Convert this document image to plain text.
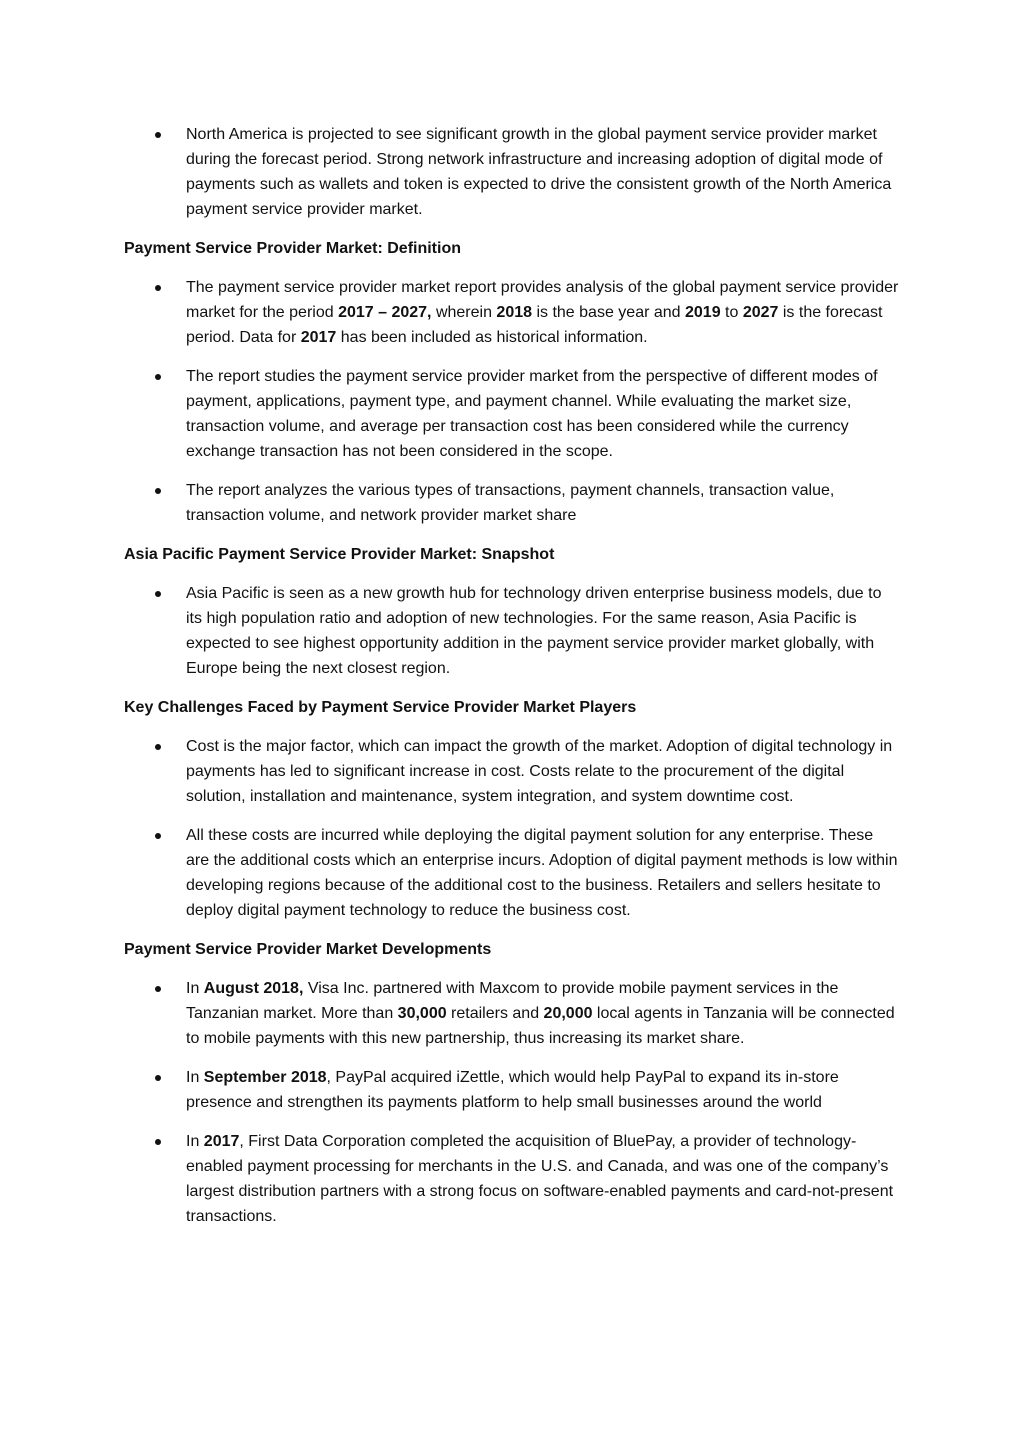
North America is projected to see significant growth in the global payment service provider market during the forecast period. Strong network infrastructure and increasing adoption of digital mode of payments such as wallets and token is expected to drive the consistent growth of the North America payment service provider market.
Payment Service Provider Market: Definition
The payment service provider market report provides analysis of the global payment service provider market for the period 2017 – 2027, wherein 2018 is the base year and 2019 to 2027 is the forecast period. Data for 2017 has been included as historical information.
The report studies the payment service provider market from the perspective of different modes of payment, applications, payment type, and payment channel. While evaluating the market size, transaction volume, and average per transaction cost has been considered while the currency exchange transaction has not been considered in the scope.
The report analyzes the various types of transactions, payment channels, transaction value, transaction volume, and network provider market share
Asia Pacific Payment Service Provider Market: Snapshot
Asia Pacific is seen as a new growth hub for technology driven enterprise business models, due to its high population ratio and adoption of new technologies. For the same reason, Asia Pacific is expected to see highest opportunity addition in the payment service provider market globally, with Europe being the next closest region.
Key Challenges Faced by Payment Service Provider Market Players
Cost is the major factor, which can impact the growth of the market. Adoption of digital technology in payments has led to significant increase in cost. Costs relate to the procurement of the digital solution, installation and maintenance, system integration, and system downtime cost.
All these costs are incurred while deploying the digital payment solution for any enterprise. These are the additional costs which an enterprise incurs. Adoption of digital payment methods is low within developing regions because of the additional cost to the business. Retailers and sellers hesitate to deploy digital payment technology to reduce the business cost.
Payment Service Provider Market Developments
In August 2018, Visa Inc. partnered with Maxcom to provide mobile payment services in the Tanzanian market. More than 30,000 retailers and 20,000 local agents in Tanzania will be connected to mobile payments with this new partnership, thus increasing its market share.
In September 2018, PayPal acquired iZettle, which would help PayPal to expand its in-store presence and strengthen its payments platform to help small businesses around the world
In 2017, First Data Corporation completed the acquisition of BluePay, a provider of technology-enabled payment processing for merchants in the U.S. and Canada, and was one of the company’s largest distribution partners with a strong focus on software-enabled payments and card-not-present transactions.
